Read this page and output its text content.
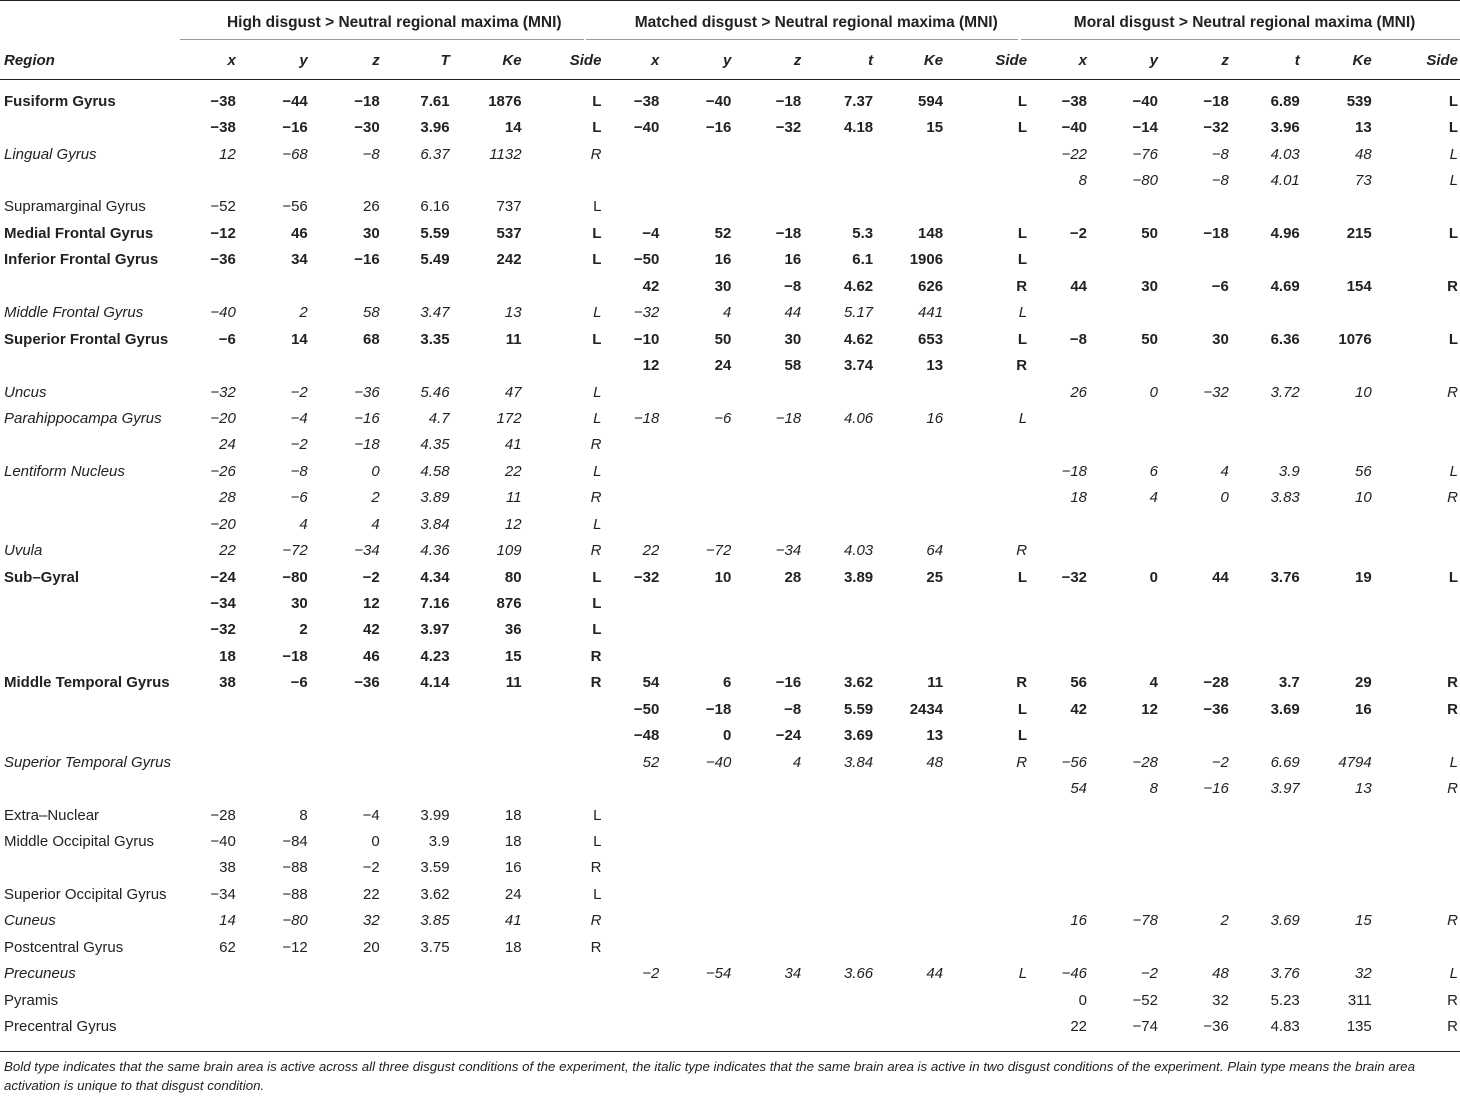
	High disgust > Neutral regional maxima (MNI)						Matched disgust > Neutral regional maxima (MNI)						Moral disgust > Neutral regional maxima (MNI)					
Region	x	y	z	T	Ke	Side	x	y	z	t	Ke	Side	x	y	z	t	Ke	Side

Fusiform Gyrus	−38	−44	−18	7.61	1876	L	−38	−40	−18	7.37	594	L	−38	−40	−18	6.89	539	L
	−38	−16	−30	3.96	14	L	−40	−16	−32	4.18	15	L	−40	−14	−32	3.96	13	L
Lingual Gyrus	12	−68	−8	6.37	1132	R							−22	−76	−8	4.03	48	L
													8	−80	−8	4.01	73	L
Supramarginal Gyrus	−52	−56	26	6.16	737	L												
Medial Frontal Gyrus	−12	46	30	5.59	537	L	−4	52	−18	5.3	148	L	−2	50	−18	4.96	215	L
Inferior Frontal Gyrus	−36	34	−16	5.49	242	L	−50	16	16	6.1	1906	L						
							42	30	−8	4.62	626	R	44	30	−6	4.69	154	R
Middle Frontal Gyrus	−40	2	58	3.47	13	L	−32	4	44	5.17	441	L						
Superior Frontal Gyrus	−6	14	68	3.35	11	L	−10	50	30	4.62	653	L	−8	50	30	6.36	1076	L
							12	24	58	3.74	13	R						
Uncus	−32	−2	−36	5.46	47	L							26	0	−32	3.72	10	R
Parahippocampa Gyrus	−20	−4	−16	4.7	172	L	−18	−6	−18	4.06	16	L						
	24	−2	−18	4.35	41	R												
Lentiform Nucleus	−26	−8	0	4.58	22	L							−18	6	4	3.9	56	L
	28	−6	2	3.89	11	R							18	4	0	3.83	10	R
	−20	4	4	3.84	12	L												
Uvula	22	−72	−34	4.36	109	R	22	−72	−34	4.03	64	R						
Sub–Gyral	−24	−80	−2	4.34	80	L	−32	10	28	3.89	25	L	−32	0	44	3.76	19	L
	−34	30	12	7.16	876	L												
	−32	2	42	3.97	36	L												
	18	−18	46	4.23	15	R												
Middle Temporal Gyrus	38	−6	−36	4.14	11	R	54	6	−16	3.62	11	R	56	4	−28	3.7	29	R
							−50	−18	−8	5.59	2434	L	42	12	−36	3.69	16	R
							−48	0	−24	3.69	13	L						
Superior Temporal Gyrus							52	−40	4	3.84	48	R	−56	−28	−2	6.69	4794	L
													54	8	−16	3.97	13	R
Extra–Nuclear	−28	8	−4	3.99	18	L												
Middle Occipital Gyrus	−40	−84	0	3.9	18	L												
	38	−88	−2	3.59	16	R												
Superior Occipital Gyrus	−34	−88	22	3.62	24	L												
Cuneus	14	−80	32	3.85	41	R							16	−78	2	3.69	15	R
Postcentral Gyrus	62	−12	20	3.75	18	R												
Precuneus							−2	−54	34	3.66	44	L	−46	−2	48	3.76	32	L
Pyramis													0	−52	32	5.23	311	R
Precentral Gyrus													22	−74	−36	4.83	135	R
Bold type indicates that the same brain area is active across all three disgust conditions of the experiment, the italic type indicates that the same brain area is active in two disgust conditions of the experiment. Plain type means the brain area activation is unique to that disgust condition.
